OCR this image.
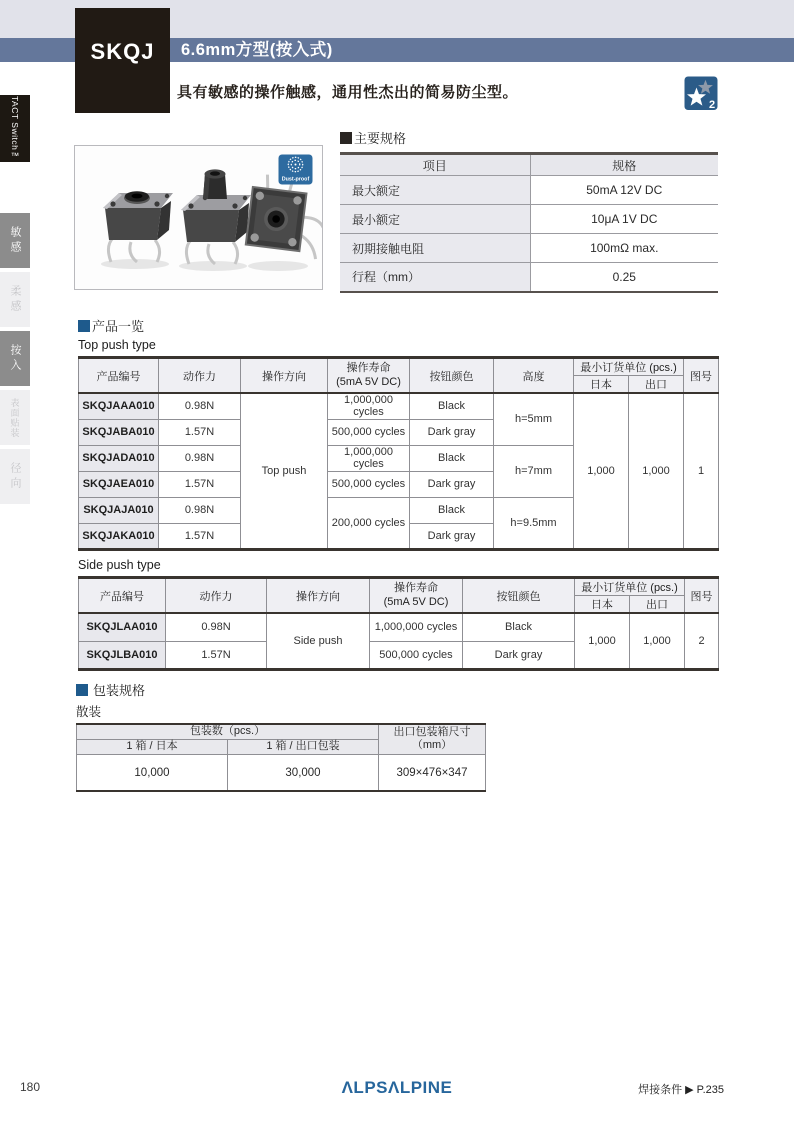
SKQJ	6.6mm方型(按入式)
具有敏感的操作触感，通用性杰出的简易防尘型。
2
TACT Switch™
敏感
柔感
按入
表面贴装
径向
Dust-proof
主要规格
项目	规格
最大额定	50mA 12V DC
最小额定	10μA 1V DC
初期接触电阻	100mΩ max.
行程（mm）	0.25
产品一览
Top push type
产品编号	动作力	操作方向	操作寿命
(5mA 5V DC)	按钮颜色	高度	最小订货单位 (pcs.)		图号
						日本	出口	
SKQJAAA010	0.98N	Top push	1,000,000 cycles	Black	h=5mm	1,000	1,000	1
SKQJABA010	1.57N		500,000 cycles	Dark gray				
SKQJADA010	0.98N		1,000,000 cycles	Black	h=7mm			
SKQJAEA010	1.57N		500,000 cycles	Dark gray				
SKQJAJA010	0.98N		200,000 cycles	Black	h=9.5mm			
SKQJAKA010	1.57N			Dark gray				
Side push type
产品编号	动作力	操作方向	操作寿命
(5mA 5V DC)	按钮颜色	最小订货单位 (pcs.)		图号
					日本	出口	
SKQJLAA010	0.98N	Side push	1,000,000 cycles	Black	1,000	1,000	2
SKQJLBA010	1.57N		500,000 cycles	Dark gray			
包装规格
散装
包装数（pcs.）		出口包装箱尺寸
（mm）
1 箱 / 日本	1 箱 / 出口包装	
10,000	30,000	309×476×347
180	ΛLPSΛLPINE	焊接条件 ▶ P.235
